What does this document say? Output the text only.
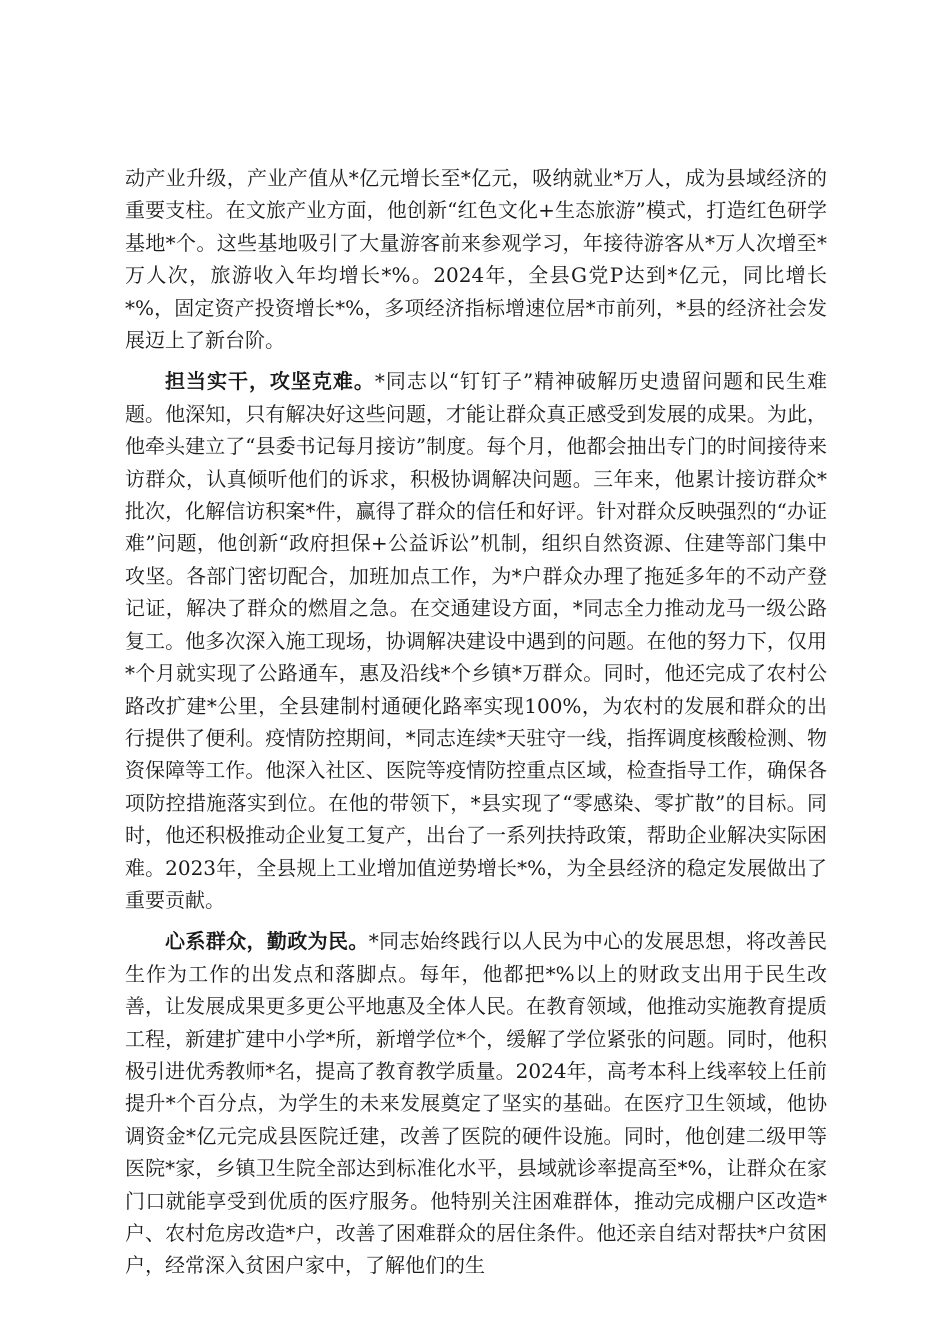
动产业升级，产业产值从*亿元增长至*亿元，吸纳就业*万人，成为县域经济的重要支柱。在文旅产业方面，他创新“红色文化+生态旅游”模式，打造红色研学基地*个。这些基地吸引了大量游客前来参观学习，年接待游客从*万人次增至*万人次，旅游收入年均增长*%。2024年，全县G党P达到*亿元，同比增长*%，固定资产投资增长*%，多项经济指标增速位居*市前列，*县的经济社会发展迈上了新台阶。

担当实干，攻坚克难。*同志以“钉钉子”精神破解历史遗留问题和民生难题。他深知，只有解决好这些问题，才能让群众真正感受到发展的成果。为此，他牵头建立了“县委书记每月接访”制度。每个月，他都会抽出专门的时间接待来访群众，认真倾听他们的诉求，积极协调解决问题。三年来，他累计接访群众*批次，化解信访积案*件，赢得了群众的信任和好评。针对群众反映强烈的“办证难”问题，他创新“政府担保+公益诉讼”机制，组织自然资源、住建等部门集中攻坚。各部门密切配合，加班加点工作，为*户群众办理了拖延多年的不动产登记证，解决了群众的燃眉之急。在交通建设方面，*同志全力推动龙马一级公路复工。他多次深入施工现场，协调解决建设中遇到的问题。在他的努力下，仅用*个月就实现了公路通车，惠及沿线*个乡镇*万群众。同时，他还完成了农村公路改扩建*公里，全县建制村通硬化路率实现100%，为农村的发展和群众的出行提供了便利。疫情防控期间，*同志连续*天驻守一线，指挥调度核酸检测、物资保障等工作。他深入社区、医院等疫情防控重点区域，检查指导工作，确保各项防控措施落实到位。在他的带领下，*县实现了“零感染、零扩散”的目标。同时，他还积极推动企业复工复产，出台了一系列扶持政策，帮助企业解决实际困难。2023年，全县规上工业增加值逆势增长*%，为全县经济的稳定发展做出了重要贡献。

心系群众，勤政为民。*同志始终践行以人民为中心的发展思想，将改善民生作为工作的出发点和落脚点。每年，他都把*%以上的财政支出用于民生改善，让发展成果更多更公平地惠及全体人民。在教育领域，他推动实施教育提质工程，新建扩建中小学*所，新增学位*个，缓解了学位紧张的问题。同时，他积极引进优秀教师*名，提高了教育教学质量。2024年，高考本科上线率较上任前提升*个百分点，为学生的未来发展奠定了坚实的基础。在医疗卫生领域，他协调资金*亿元完成县医院迁建，改善了医院的硬件设施。同时，他创建二级甲等医院*家，乡镇卫生院全部达到标准化水平，县域就诊率提高至*%，让群众在家门口就能享受到优质的医疗服务。他特别关注困难群体，推动完成棚户区改造*户、农村危房改造*户，改善了困难群众的居住条件。他还亲自结对帮扶*户贫困户，经常深入贫困户家中，了解他们的生
